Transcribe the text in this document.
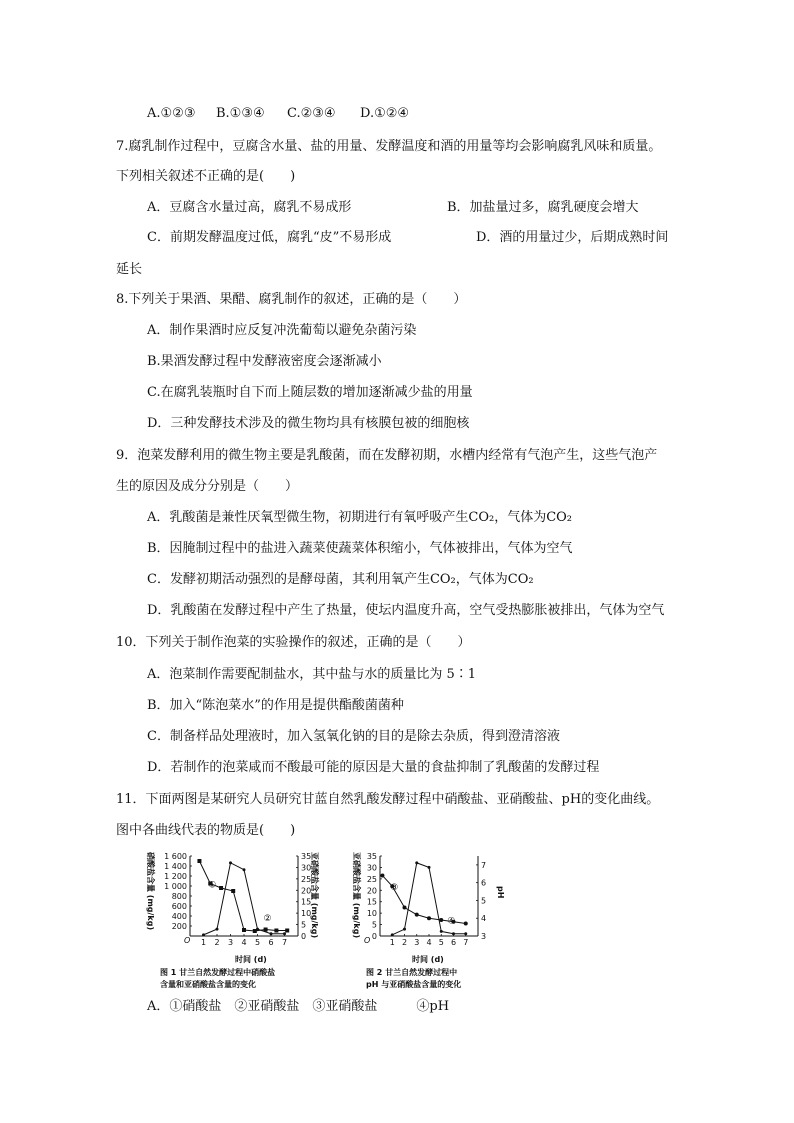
A.①②③ B.①③④ C.②③④ D.①②④
7.腐乳制作过程中，豆腐含水量、盐的用量、发酵温度和酒的用量等均会影响腐乳风味和质量。
下列相关叙述不正确的是(　　)
A．豆腐含水量过高，腐乳不易成形	B．加盐量过多，腐乳硬度会增大
C．前期发酵温度过低，腐乳“皮”不易形成	D．酒的用量过少，后期成熟时间
延长
8.下列关于果酒、果醋、腐乳制作的叙述，正确的是（　　）
A．制作果酒时应反复冲洗葡萄以避免杂菌污染
B.果酒发酵过程中发酵液密度会逐渐减小
C.在腐乳装瓶时自下而上随层数的增加逐渐减少盐的用量
D．三种发酵技术涉及的微生物均具有核膜包被的细胞核
9．泡菜发酵利用的微生物主要是乳酸菌，而在发酵初期，水槽内经常有气泡产生，这些气泡产
生的原因及成分分别是（　　）
A．乳酸菌是兼性厌氧型微生物，初期进行有氧呼吸产生CO₂，气体为CO₂
B．因腌制过程中的盐进入蔬菜使蔬菜体积缩小，气体被排出，气体为空气
C．发酵初期活动强烈的是酵母菌，其利用氧产生CO₂，气体为CO₂
D．乳酸菌在发酵过程中产生了热量，使坛内温度升高，空气受热膨胀被排出，气体为空气
10．下列关于制作泡菜的实验操作的叙述，正确的是（　　）
A．泡菜制作需要配制盐水，其中盐与水的质量比为 5∶1
B．加入“陈泡菜水”的作用是提供酯酸菌菌种
C．制备样品处理液时，加入氢氧化钠的目的是除去杂质，得到澄清溶液
D．若制作的泡菜咸而不酸最可能的原因是大量的食盐抑制了乳酸菌的发酵过程
11．下面两图是某研究人员研究甘蓝自然乳酸发酵过程中硝酸盐、亚硝酸盐、pH的变化曲线。
图中各曲线代表的物质是(　　)
硝酸盐含量 (mg/kg)	亚硝酸盐含量 (mg/kg)
1 2 3 4 5 6 7
200
400
600
800
1 000
1 200
1 400
1 600
0
5
10
15
20
25
30
35
①
②
O
时间 (d)
图 1 甘兰自然发酵过程中硝酸盐
含量和亚硝酸盐含量的变化
亚硝酸盐含量 (mg/kg)	pH
1 2 3 4 5 6 7
0
5
10
15
20
25
30
35
3
4
5
6
7
③
④
O
时间 (d)
图 2 甘兰自然发酵过程中
pH 与亚硝酸盐含量的变化
A．①硝酸盐　②亚硝酸盐　③亚硝酸盐　　　④pH
